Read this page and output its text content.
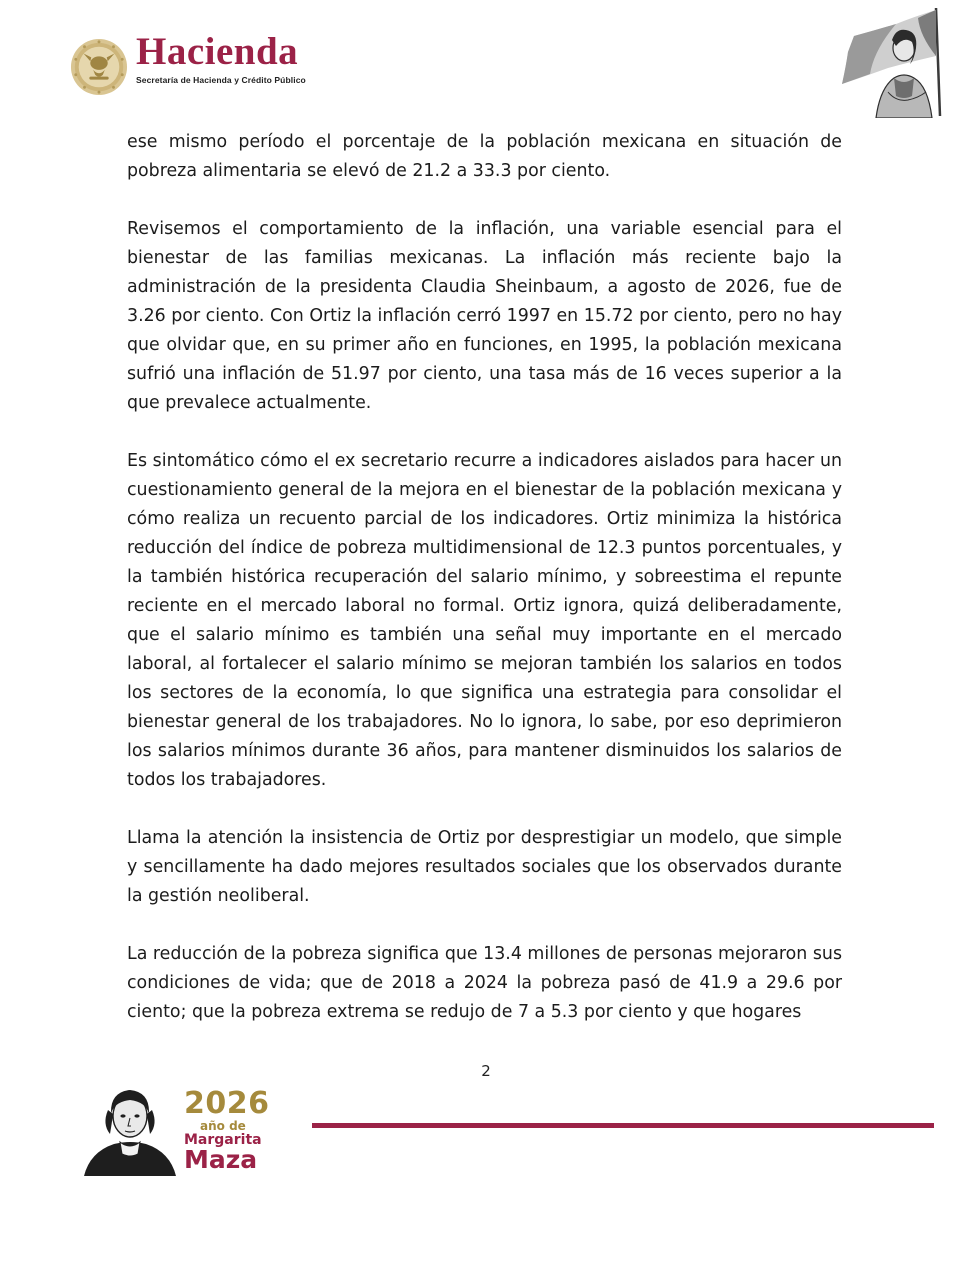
Hacienda
Secretaría de Hacienda y Crédito Público

ese mismo período el porcentaje de la población mexicana en situación de pobreza alimentaria se elevó de 21.2 a 33.3 por ciento.

Revisemos el comportamiento de la inflación, una variable esencial para el bienestar de las familias mexicanas. La inflación más reciente bajo la administración de la presidenta Claudia Sheinbaum, a agosto de 2026, fue de 3.26 por ciento. Con Ortiz la inflación cerró 1997 en 15.72 por ciento, pero no hay que olvidar que, en su primer año en funciones, en 1995, la población mexicana sufrió una inflación de 51.97 por ciento, una tasa más de 16 veces superior a la que prevalece actualmente.

Es sintomático cómo el ex secretario recurre a indicadores aislados para hacer un cuestionamiento general de la mejora en el bienestar de la población mexicana y cómo realiza un recuento parcial de los indicadores. Ortiz minimiza la histórica reducción del índice de pobreza multidimensional de 12.3 puntos porcentuales, y la también histórica recuperación del salario mínimo, y sobreestima el repunte reciente en el mercado laboral no formal. Ortiz ignora, quizá deliberadamente, que el salario mínimo es también una señal muy importante en el mercado laboral, al fortalecer el salario mínimo se mejoran también los salarios en todos los sectores de la economía, lo que significa una estrategia para consolidar el bienestar general de los trabajadores. No lo ignora, lo sabe, por eso deprimieron los salarios mínimos durante 36 años, para mantener disminuidos los salarios de todos los trabajadores.

Llama la atención la insistencia de Ortiz por desprestigiar un modelo, que simple y sencillamente ha dado mejores resultados sociales que los observados durante la gestión neoliberal.

La reducción de la pobreza significa que 13.4 millones de personas mejoraron sus condiciones de vida; que de 2018 a 2024 la pobreza pasó de 41.9 a 29.6 por ciento; que la pobreza extrema se redujo de 7 a 5.3 por ciento y que hogares

2
2026
año de
Margarita
Maza
